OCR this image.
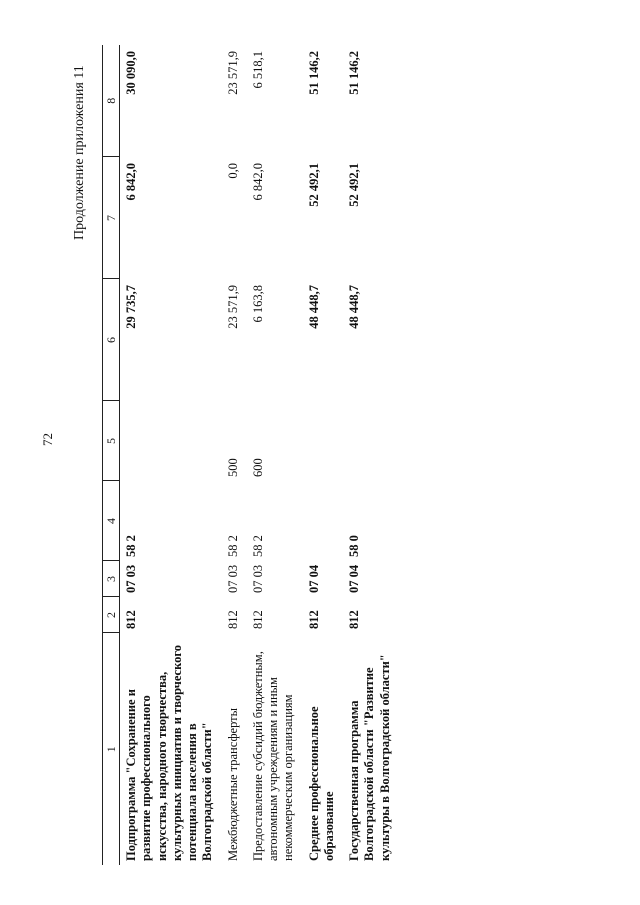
72
Продолжение приложения 11
1	2	3	4	5	6	7	8
Подпрограмма "Сохранение и развитие профессионального искусства, народного творчества, культурных инициатив и творческого потенциала населения в Волгоградской области"	812	07 03	58 2		29 735,7	6 842,0	30 090,0
Межбюджетные трансферты	812	07 03	58 2	500	23 571,9	0,0	23 571,9
Предоставление субсидий бюджетным, автономным учреждениям и иным некоммерческим организациям	812	07 03	58 2	600	6 163,8	6 842,0	6 518,1
Среднее профессиональное образование	812	07 04			48 448,7	52 492,1	51 146,2
Государственная программа Волгоградской области "Развитие культуры в Волгоградской области"	812	07 04	58 0		48 448,7	52 492,1	51 146,2
